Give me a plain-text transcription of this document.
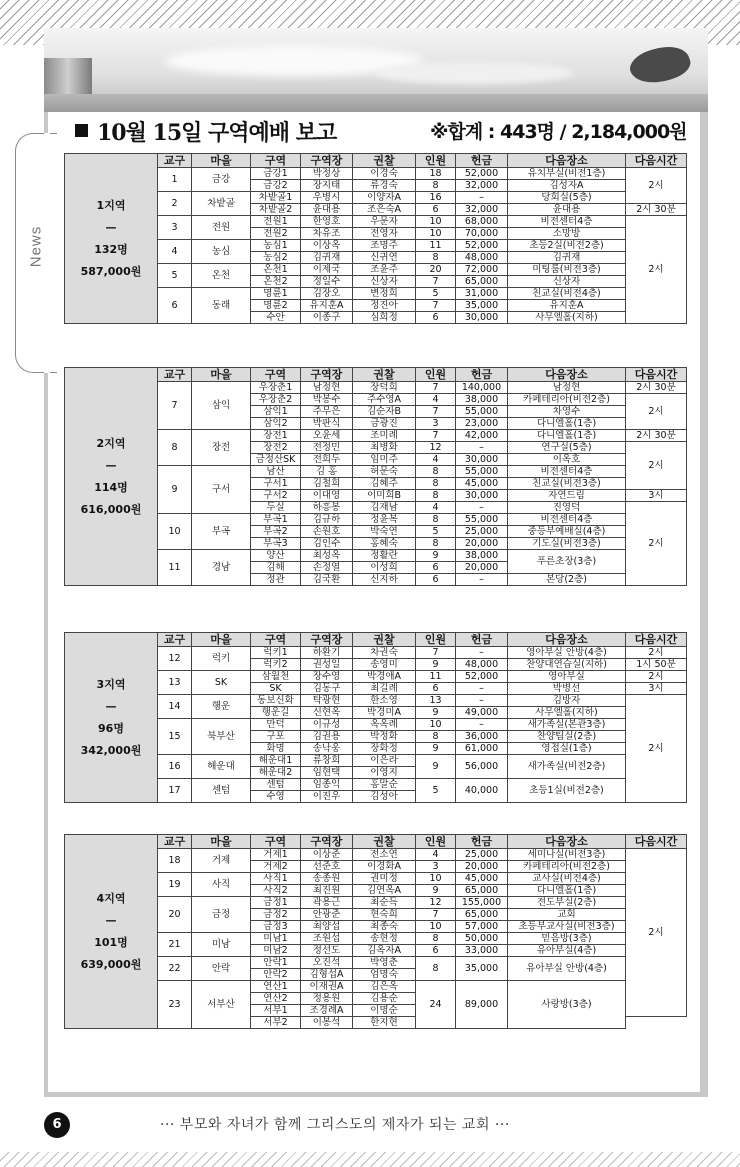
News
10월 15일 구역예배 보고	※합계 : 443명 / 2,184,000원
1지역
—
132명
587,000원	교구	마을	구역	구역장	권찰	인원	헌금	다음장소	다음시간	
	1	금강	금강1	박정상	이경숙	18	52,000	유치부실(비전1층)	2시	
			금강2	장지태	류경숙	8	32,000	김성자A		
	2	차밭골	차밭골1	우병시	이양자A	16	–	당회실(5층)		
			차밭골2	윤대용	조은숙A	6	32,000	윤대용	2시 30분	
	3	전원	전원1	한영호	우문자	10	68,000	비전센터4층	2시	
			전원2	차유조	전영자	10	70,000	소망방		
	4	농심	농심1	이상옥	조명주	11	52,000	초등2실(비전2층)		
			농심2	김귀재	신귀연	8	48,000	김귀재		
	5	온천	온천1	이제국	조윤주	20	72,000	미팅룸(비전3층)		
			온천2	정일수	신상자	7	65,000	신상자		
	6	동래	명륜1	김장오	변정희	5	31,000	친교실(비전4층)		
			명륜2	유지훈A	정진아	7	35,000	유지훈A		
			수안	이종구	심희정	6	30,000	사무엘홀(지하)	
2지역
—
114명
616,000원	교구	마을	구역	구역장	권찰	인원	헌금	다음장소	다음시간
	7	삼익	우장춘1	남정현	장덕희	7	140,000	남정현	2시 30분
			우장춘2	박봉수	주수영A	4	38,000	카페테리아(비전2층)	2시
			삼익1	주무은	김순자B	7	55,000	차영수	
			삼익2	박판식	금광진	3	23,000	다니엘홀(1층)	
	8	장전	장전1	오윤세	조미례	7	42,000	다니엘홀(1층)	2시 30분
			장전2	전정민	최병화	12	–	연구실(5층)	2시
			금정산SK	전희두	임미주	4	30,000	이옥호	
	9	구서	남산	김 홍	허문숙	8	55,000	비전센터4층	
			구서1	김철희	김혜주	8	45,000	친교실(비전3층)	
			구서2	이대영	이미희B	8	30,000	자연드림	3시
			두실	하흥봉	김재남	4	–	진영덕	2시
	10	부곡	부곡1	김규하	정윤복	8	55,000	비전센터4층	
			부곡2	손원호	박숙연	5	25,000	중등부예배실(4층)	
			부곡3	김인수	홍혜숙	8	20,000	기도실(비전3층)	
	11	경남	양산	최성옥	정활란	9	38,000	푸른초장(3층)	
			김해	손정열	이성희	6	20,000		
			정관	김국환	신지하	6	–	본당(2층)	
3지역
—
96명
342,000원	교구	마을	구역	구역장	권찰	인원	헌금	다음장소	다음시간
	12	럭키	럭키1	하환기	차권숙	7	–	영아부실 안방(4층)	2시
			럭키2	권성일	송영미	9	48,000	찬양대연습실(지하)	1시 50분
	13	SK	삼월천	장수영	박경애A	11	52,000	영아부실	2시
			SK	김동구	최길례	6	–	박병선	3시
	14	행운	동보신화	탁광현	한소영	13	–	김방자	2시
			행운길	신현옥	박경미A	9	49,000	사무엘홀(지하)	
	15	북부산	만덕	이규성	옥옥례	10	–	새가족실(본관3층)	
			구포	김권용	박정화	8	36,000	찬양팀실(2층)	
			화명	송낙웅	장화정	9	61,000	영접실(1층)	
	16	해운대	해운대1	류창희	이은라	9	56,000	새가족실(비전2층)	
			해운대2	임현택	이영지				
	17	센텀	센텀	임종익	홍말순	5	40,000	초등1실(비전2층)	
			수영	이진우	김성아				
4지역
—
101명
639,000원	교구	마을	구역	구역장	권찰	인원	헌금	다음장소	다음시간
	18	거제	거제1	이상준	전소연	4	25,000	세미나실(비전3층)	2시
			거제2	선준호	이경화A	3	20,000	카페테리아(비전2층)	
	19	사직	사직1	송종원	권미정	10	45,000	교사실(비전4층)	
			사직2	최진원	김연옥A	9	65,000	다니엘홀(1층)	
	20	금정	금정1	곽용근	최순득	12	155,000	전도부실(2층)	
			금정2	안광준	현숙희	7	65,000	교회	
			금정3	최양섭	최종숙	10	57,000	초등부교사실(비전3층)	
	21	미남	미남1	조원섭	송현정	8	50,000	믿음방(3층)	
			미남2	정선도	김옥자A	6	33,000	유아부실(4층)	
	22	안락	안락1	오진석	박영춘	8	35,000	유아부실 안방(4층)	
			안락2	김형섭A	엄명숙				
	23	서부산	연산1	이재권A	김은옥	24	89,000	사랑방(3층)	
			연산2	정용원	김용순				
			서부1	조경례A	이명순				
			서부2	이봉석	한지현				
6	··· 부모와 자녀가 함께 그리스도의 제자가 되는 교회 ···
